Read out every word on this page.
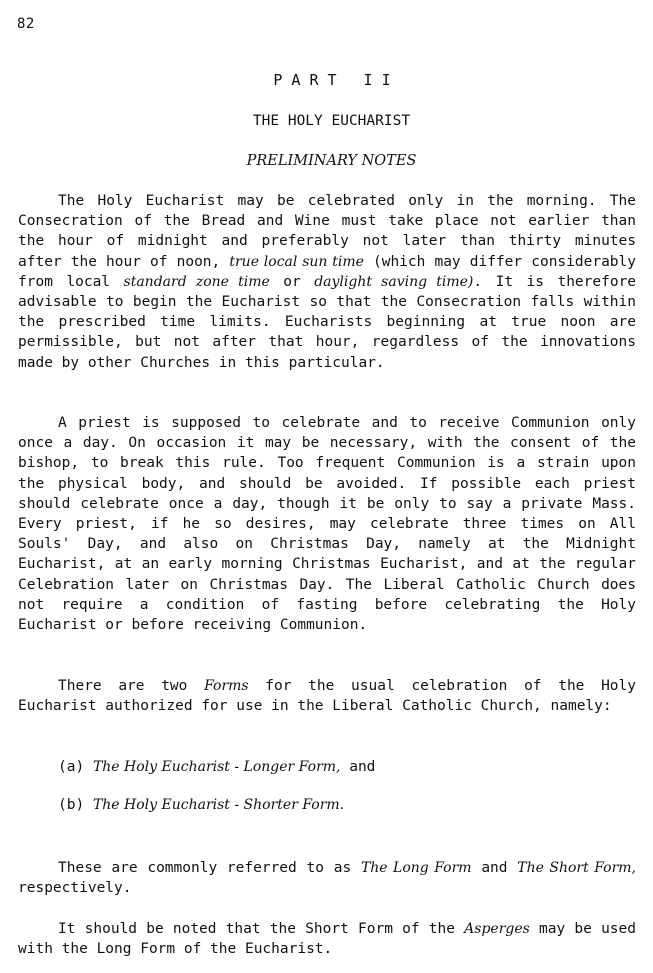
82
PART II
THE HOLY EUCHARIST
PRELIMINARY NOTES

The Holy Eucharist may be celebrated only in the morning. The Consecration of the Bread and Wine must take place not earlier than the hour of midnight and preferably not later than thirty minutes after the hour of noon, true local sun time (which may differ considerably from local standard zone time or daylight saving time). It is therefore advisable to begin the Eucharist so that the Consecration falls within the prescribed time limits. Eucharists beginning at true noon are permissible, but not after that hour, regardless of the innovations made by other Churches in this particular.

A priest is supposed to celebrate and to receive Communion only once a day. On occasion it may be necessary, with the consent of the bishop, to break this rule. Too frequent Communion is a strain upon the physical body, and should be avoided. If possible each priest should celebrate once a day, though it be only to say a private Mass. Every priest, if he so desires, may celebrate three times on All Souls' Day, and also on Christmas Day, namely at the Midnight Eucharist, at an early morning Christmas Eucharist, and at the regular Celebration later on Christmas Day. The Liberal Catholic Church does not require a condition of fasting before celebrating the Holy Eucharist or before receiving Communion.

There are two Forms for the usual celebration of the Holy Eucharist authorized for use in the Liberal Catholic Church, namely:

(a) The Holy Eucharist - Longer Form, and

(b) The Holy Eucharist - Shorter Form.

These are commonly referred to as The Long Form and The Short Form, respectively.

It should be noted that the Short Form of the Asperges may be used with the Long Form of the Eucharist.
